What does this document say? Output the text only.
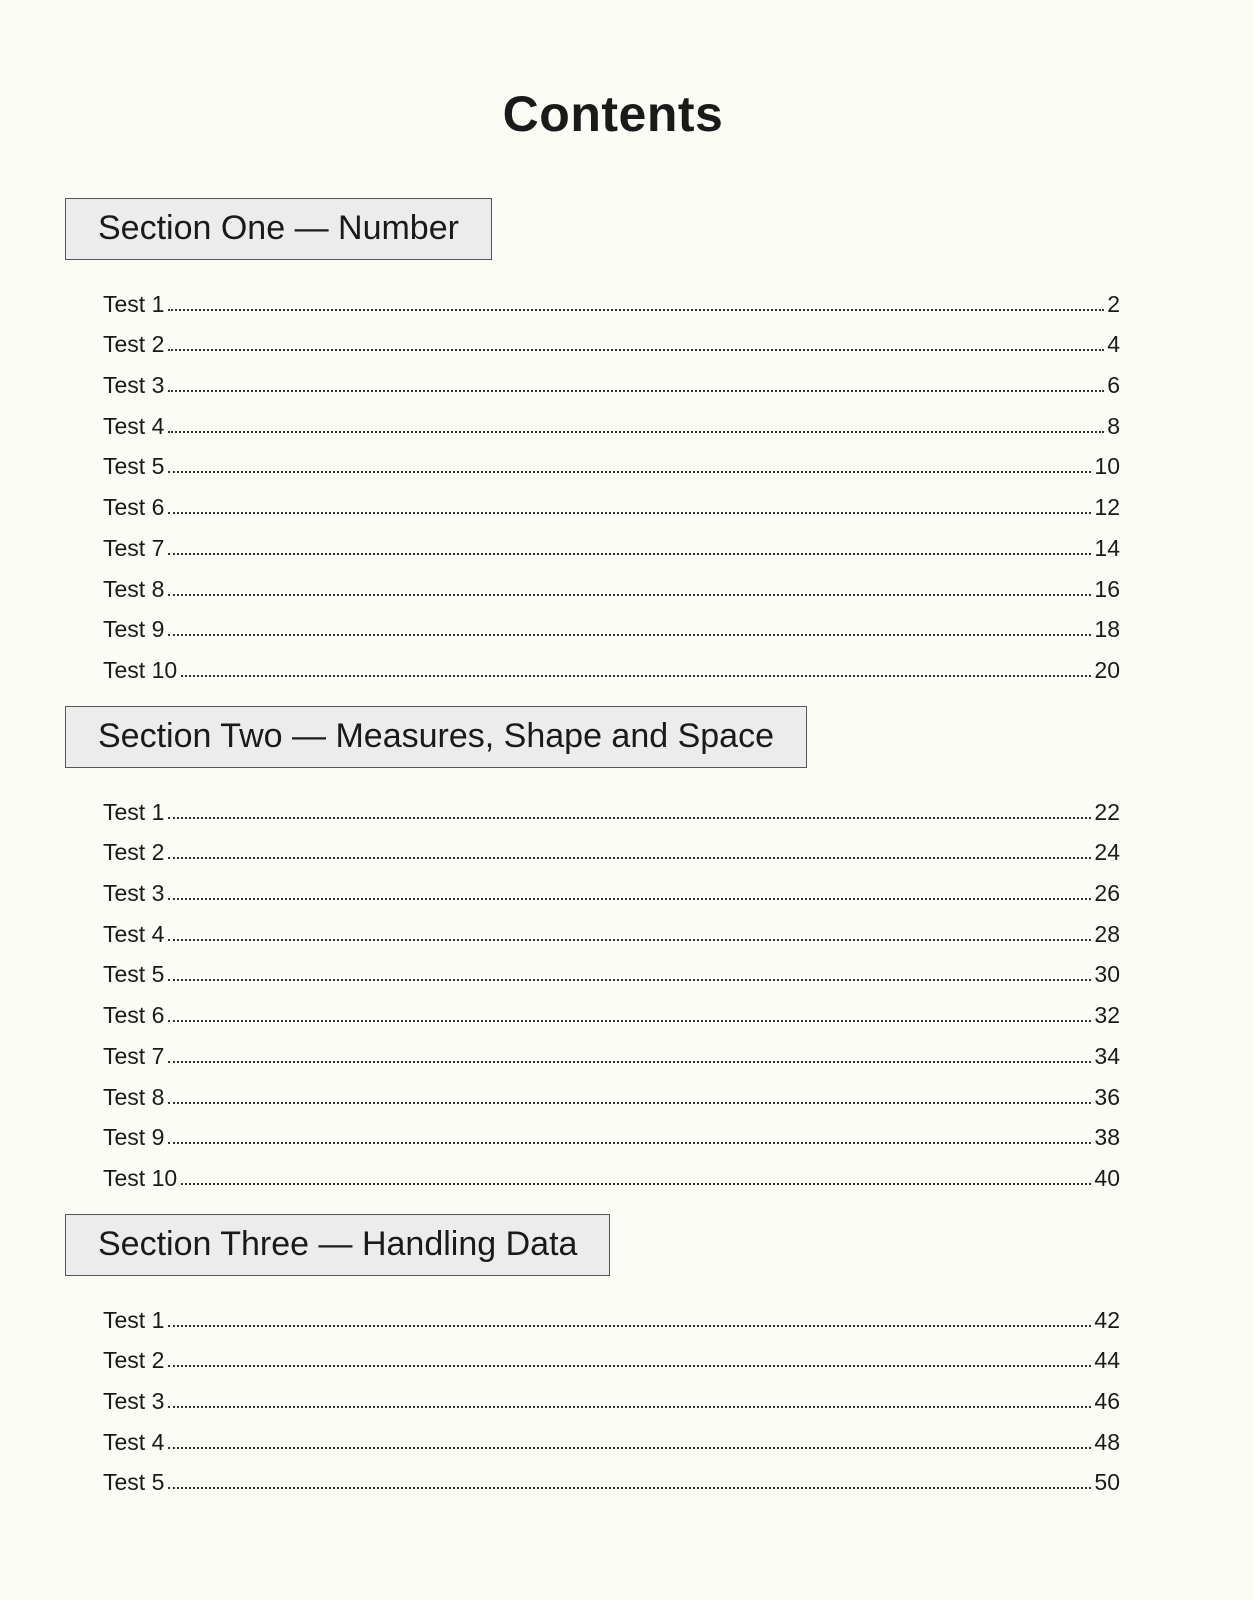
Contents
Section One — Number
Test 1	2
Test 2	4
Test 3	6
Test 4	8
Test 5	10
Test 6	12
Test 7	14
Test 8	16
Test 9	18
Test 10	20
Section Two — Measures, Shape and Space
Test 1	22
Test 2	24
Test 3	26
Test 4	28
Test 5	30
Test 6	32
Test 7	34
Test 8	36
Test 9	38
Test 10	40
Section Three — Handling Data
Test 1	42
Test 2	44
Test 3	46
Test 4	48
Test 5	50
